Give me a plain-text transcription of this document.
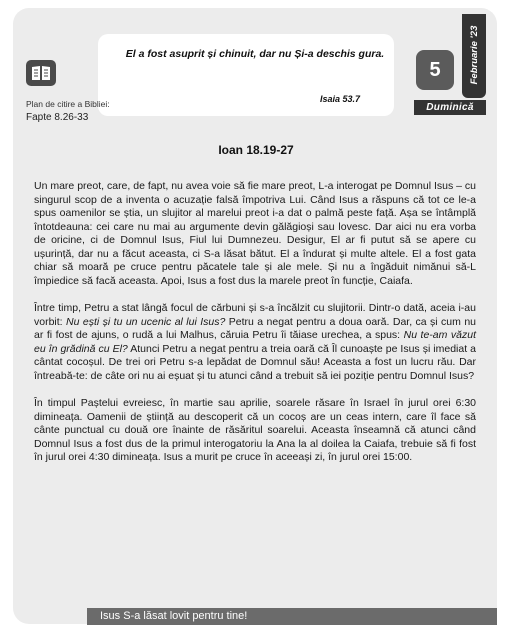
El a fost asuprit și chinuit, dar nu Și-a deschis gura.
Isaia 53.7
Plan de citire a Bibliei:
Fapte 8.26-33
Februarie '23
5
Duminică
Ioan 18.19-27

Un mare preot, care, de fapt, nu avea voie să fie mare preot, L-a interogat pe Domnul Isus – cu singurul scop de a inventa o acuzație falsă împotriva Lui. Când Isus a răspuns că tot ce le-a spus oamenilor se știa, un slujitor al marelui preot i-a dat o palmă peste față. Așa se întâmplă întotdeauna: cei care nu mai au argumente devin gălăgioși sau lovesc. Dar aici nu era vorba de oricine, ci de Domnul Isus, Fiul lui Dumnezeu. Desigur, El ar fi putut să se apere cu ușurință, dar nu a făcut aceasta, ci S-a lăsat bătut. El a îndurat și multe altele. El a fost gata chiar să moară pe cruce pentru păcatele tale și ale mele. Și nu a îngăduit nimănui să-L împiedice să facă aceasta. Apoi, Isus a fost dus la marele preot în funcție, Caiafa.

Între timp, Petru a stat lângă focul de cărbuni și s-a încălzit cu slujitorii. Dintr-o dată, aceia i-au vorbit: Nu ești și tu un ucenic al lui Isus? Petru a negat pentru a doua oară. Dar, ca și cum nu ar fi fost de ajuns, o rudă a lui Malhus, căruia Petru îi tăiase urechea, a spus: Nu te-am văzut eu în grădină cu El? Atunci Petru a negat pentru a treia oară că Îl cunoaște pe Isus și imediat a cântat cocoșul. De trei ori Petru s-a lepădat de Domnul său! Aceasta a fost un lucru rău. Dar întreabă-te: de câte ori nu ai eșuat și tu atunci când a trebuit să iei poziție pentru Domnul Isus?

În timpul Paștelui evreiesc, în martie sau aprilie, soarele răsare în Israel în jurul orei 6:30 dimineața. Oamenii de știință au descoperit că un cocoș are un ceas intern, care îl face să cânte punctual cu două ore înainte de răsăritul soarelui. Aceasta înseamnă că atunci când Domnul Isus a fost dus de la primul interogatoriu la Ana la al doilea la Caiafa, trebuie să fi fost în jurul orei 4:30 dimineața. Isus a murit pe cruce în aceeași zi, în jurul orei 15:00.

Isus S-a lăsat lovit pentru tine!
